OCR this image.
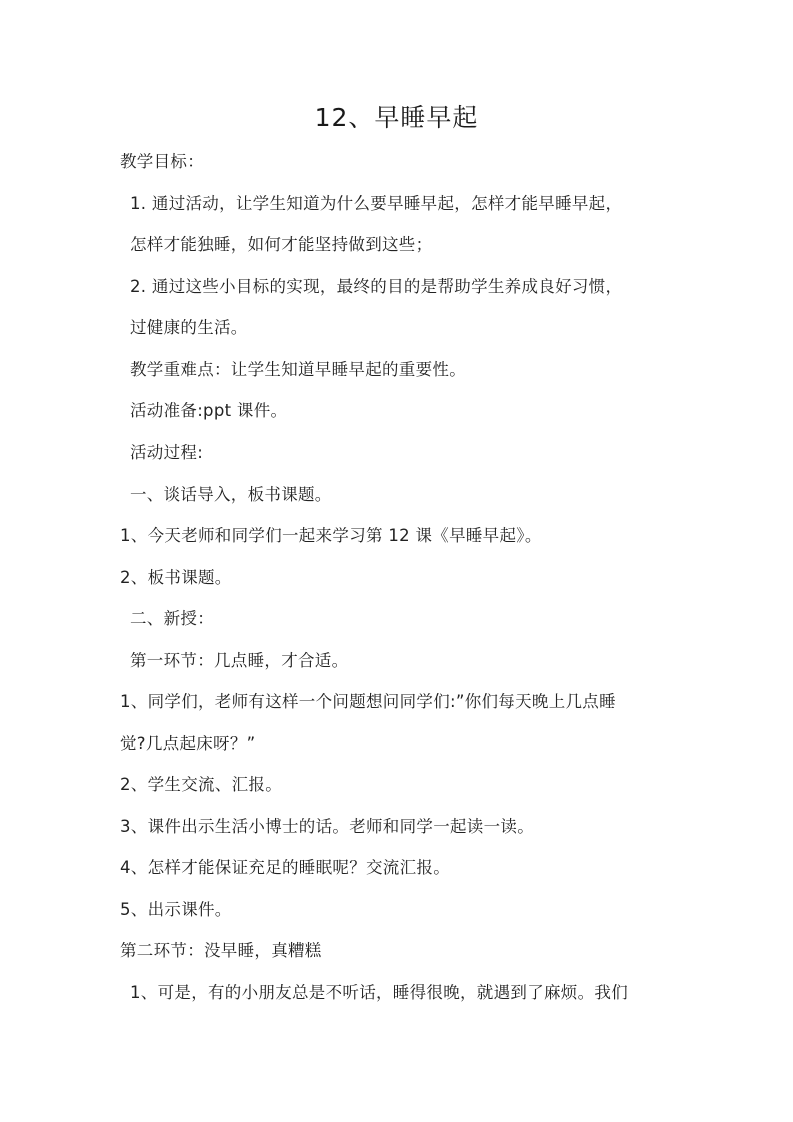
12、早睡早起
教学目标：
1. 通过活动，让学生知道为什么要早睡早起，怎样才能早睡早起，
怎样才能独睡，如何才能坚持做到这些；
2. 通过这些小目标的实现，最终的目的是帮助学生养成良好习惯，
过健康的生活。
教学重难点：让学生知道早睡早起的重要性。
活动准备:ppt 课件。
活动过程:
一、谈话导入，板书课题。
1、今天老师和同学们一起来学习第 12 课《早睡早起》。
2、板书课题。
二、新授：
第一环节：几点睡，才合适。
1、同学们，老师有这样一个问题想问同学们:”你们每天晚上几点睡
觉?几点起床呀？”
2、学生交流、汇报。
3、课件出示生活小博士的话。老师和同学一起读一读。
4、怎样才能保证充足的睡眠呢？交流汇报。
5、出示课件。
第二环节：没早睡，真糟糕
1、可是，有的小朋友总是不听话，睡得很晚，就遇到了麻烦。我们
